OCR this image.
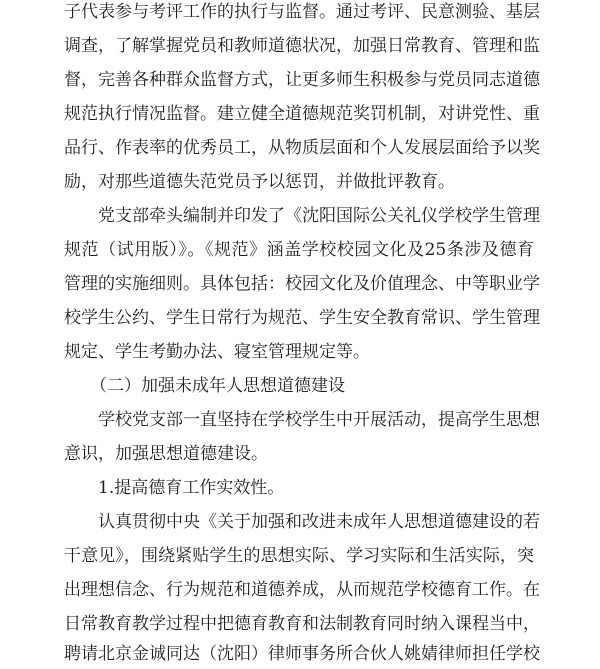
子代表参与考评工作的执行与监督。通过考评、民意测验、基层
调查，了解掌握党员和教师道德状况，加强日常教育、管理和监
督，完善各种群众监督方式，让更多师生积极参与党员同志道德
规范执行情况监督。建立健全道德规范奖罚机制，对讲党性、重
品行、作表率的优秀员工，从物质层面和个人发展层面给予以奖
励，对那些道德失范党员予以惩罚，并做批评教育。
党支部牵头编制并印发了《沈阳国际公关礼仪学校学生管理
规范（试用版）》。《规范》涵盖学校校园文化及25条涉及德育
管理的实施细则。具体包括：校园文化及价值理念、中等职业学
校学生公约、学生日常行为规范、学生安全教育常识、学生管理
规定、学生考勤办法、寝室管理规定等。
（二）加强未成年人思想道德建设
学校党支部一直坚持在学校学生中开展活动，提高学生思想
意识，加强思想道德建设。
1.提高德育工作实效性。
认真贯彻中央《关于加强和改进未成年人思想道德建设的若
干意见》，围绕紧贴学生的思想实际、学习实际和生活实际，突
出理想信念、行为规范和道德养成，从而规范学校德育工作。在
日常教育教学过程中把德育教育和法制教育同时纳入课程当中，
聘请北京金诚同达（沈阳）律师事务所合伙人姚婧律师担任学校
